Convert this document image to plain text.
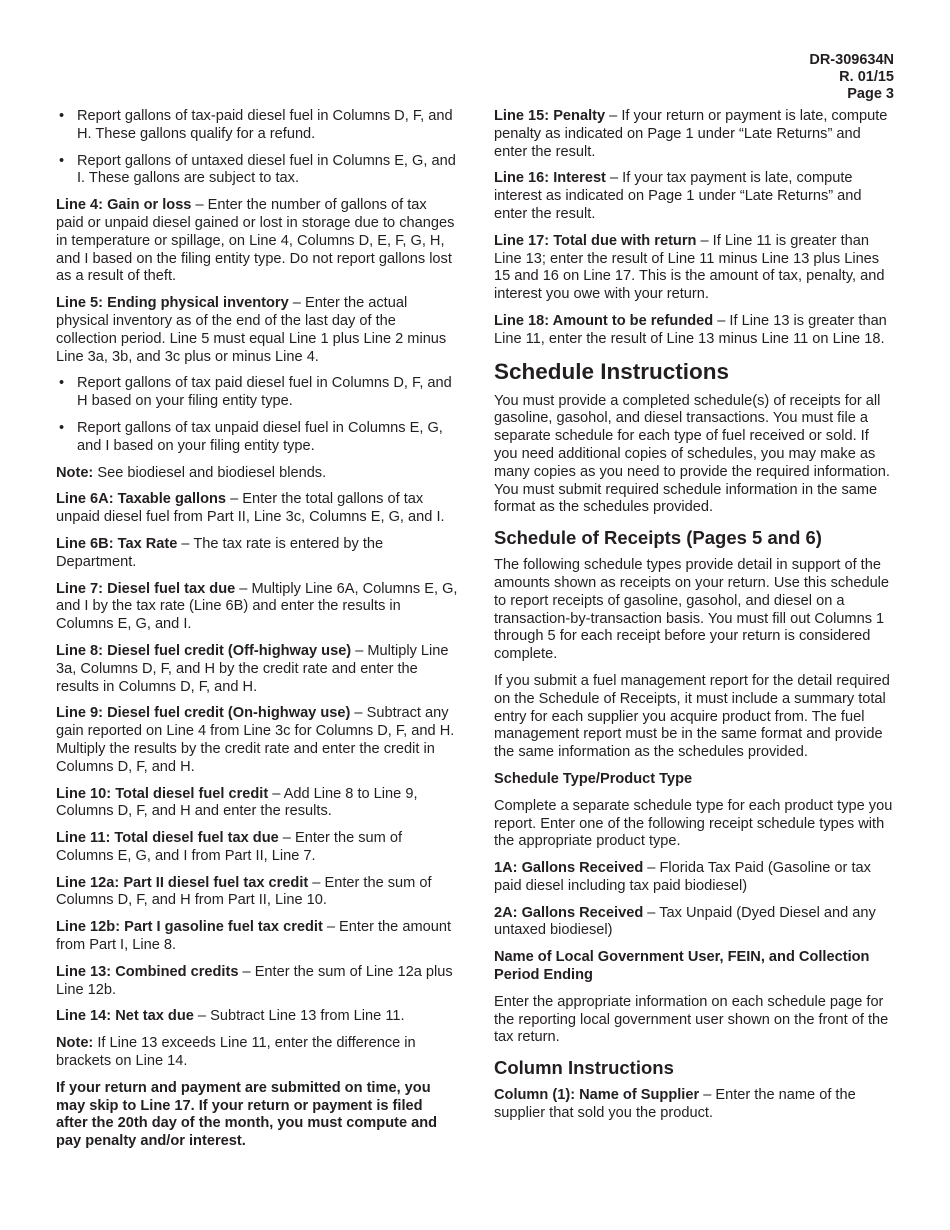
DR-309634N
R. 01/15
Page 3
• Report gallons of tax-paid diesel fuel in Columns D, F, and H. These gallons qualify for a refund.
• Report gallons of untaxed diesel fuel in Columns E, G, and I. These gallons are subject to tax.

Line 4: Gain or loss – Enter the number of gallons of tax paid or unpaid diesel gained or lost in storage due to changes in temperature or spillage, on Line 4, Columns D, E, F, G, H, and I based on the filing entity type. Do not report gallons lost as a result of theft.

Line 5: Ending physical inventory – Enter the actual physical inventory as of the end of the last day of the collection period. Line 5 must equal Line 1 plus Line 2 minus Line 3a, 3b, and 3c plus or minus Line 4.

• Report gallons of tax paid diesel fuel in Columns D, F, and H based on your filing entity type.
• Report gallons of tax unpaid diesel fuel in Columns E, G, and I based on your filing entity type.

Note: See biodiesel and biodiesel blends.

Line 6A: Taxable gallons – Enter the total gallons of tax unpaid diesel fuel from Part II, Line 3c, Columns E, G, and I.

Line 6B: Tax Rate – The tax rate is entered by the Department.

Line 7: Diesel fuel tax due – Multiply Line 6A, Columns E, G, and I by the tax rate (Line 6B) and enter the results in Columns E, G, and I.

Line 8: Diesel fuel credit (Off-highway use) – Multiply Line 3a, Columns D, F, and H by the credit rate and enter the results in Columns D, F, and H.

Line 9: Diesel fuel credit (On-highway use) – Subtract any gain reported on Line 4 from Line 3c for Columns D, F, and H. Multiply the results by the credit rate and enter the credit in Columns D, F, and H.

Line 10: Total diesel fuel credit – Add Line 8 to Line 9, Columns D, F, and H and enter the results.

Line 11: Total diesel fuel tax due – Enter the sum of Columns E, G, and I from Part II, Line 7.

Line 12a: Part II diesel fuel tax credit – Enter the sum of Columns D, F, and H from Part II, Line 10.

Line 12b: Part I gasoline fuel tax credit – Enter the amount from Part I, Line 8.

Line 13: Combined credits – Enter the sum of Line 12a plus Line 12b.

Line 14: Net tax due – Subtract Line 13 from Line 11.

Note: If Line 13 exceeds Line 11, enter the difference in brackets on Line 14.

If your return and payment are submitted on time, you may skip to Line 17. If your return or payment is filed after the 20th day of the month, you must compute and pay penalty and/or interest.

Line 15: Penalty – If your return or payment is late, compute penalty as indicated on Page 1 under “Late Returns” and enter the result.

Line 16: Interest – If your tax payment is late, compute interest as indicated on Page 1 under “Late Returns” and enter the result.

Line 17: Total due with return – If Line 11 is greater than Line 13; enter the result of Line 11 minus Line 13 plus Lines 15 and 16 on Line 17. This is the amount of tax, penalty, and interest you owe with your return.

Line 18: Amount to be refunded – If Line 13 is greater than Line 11, enter the result of Line 13 minus Line 11 on Line 18.

Schedule Instructions

You must provide a completed schedule(s) of receipts for all gasoline, gasohol, and diesel transactions. You must file a separate schedule for each type of fuel received or sold. If you need additional copies of schedules, you may make as many copies as you need to provide the required information. You must submit required schedule information in the same format as the schedules provided.

Schedule of Receipts (Pages 5 and 6)

The following schedule types provide detail in support of the amounts shown as receipts on your return. Use this schedule to report receipts of gasoline, gasohol, and diesel on a transaction-by-transaction basis. You must fill out Columns 1 through 5 for each receipt before your return is considered complete.

If you submit a fuel management report for the detail required on the Schedule of Receipts, it must include a summary total entry for each supplier you acquire product from. The fuel management report must be in the same format and provide the same information as the schedules provided.

Schedule Type/Product Type

Complete a separate schedule type for each product type you report. Enter one of the following receipt schedule types with the appropriate product type.

1A: Gallons Received – Florida Tax Paid (Gasoline or tax paid diesel including tax paid biodiesel)

2A: Gallons Received – Tax Unpaid (Dyed Diesel and any untaxed biodiesel)

Name of Local Government User, FEIN, and Collection Period Ending

Enter the appropriate information on each schedule page for the reporting local government user shown on the front of the tax return.

Column Instructions

Column (1): Name of Supplier – Enter the name of the supplier that sold you the product.
